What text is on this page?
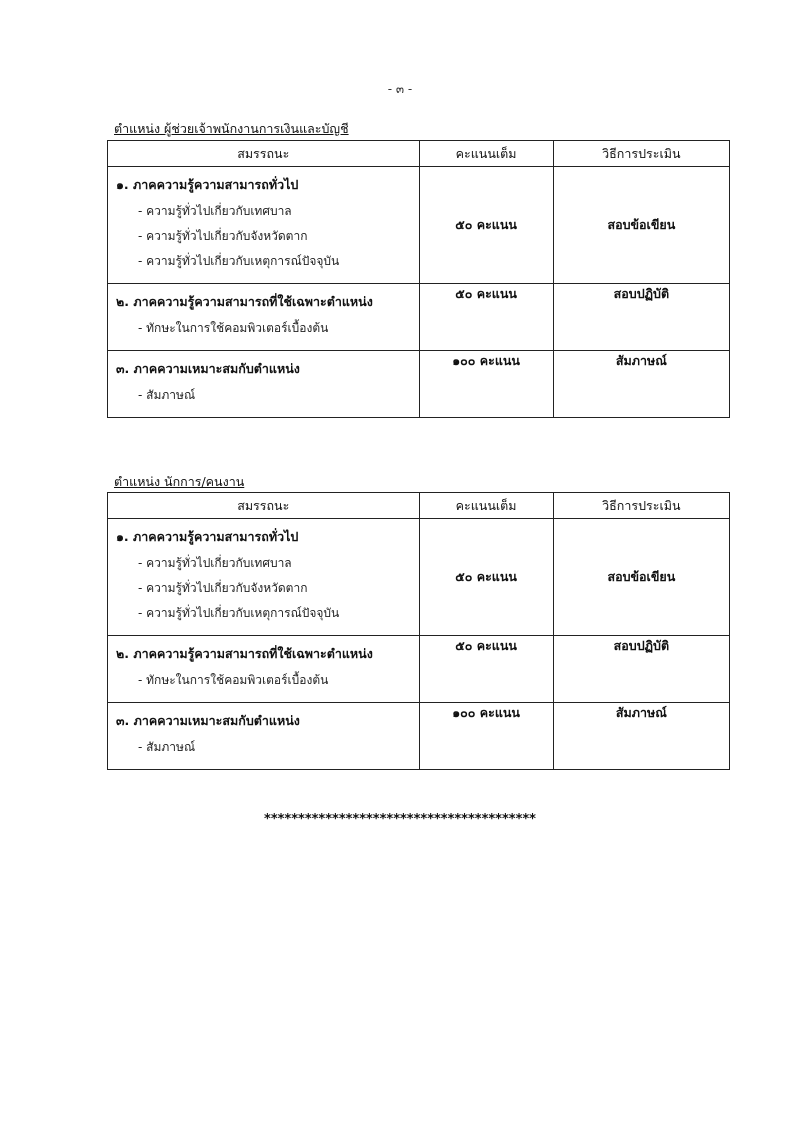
- ๓ -
ตำแหน่ง ผู้ช่วยเจ้าพนักงานการเงินและบัญชี
สมรรถนะ	คะแนนเต็ม	วิธีการประเมิน

๑. ภาคความรู้ความสามารถทั่วไป
- ความรู้ทั่วไปเกี่ยวกับเทศบาล
- ความรู้ทั่วไปเกี่ยวกับจังหวัดตาก
- ความรู้ทั่วไปเกี่ยวกับเหตุการณ์ปัจจุบัน	๕๐ คะแนน	สอบข้อเขียน

๒. ภาคความรู้ความสามารถที่ใช้เฉพาะตำแหน่ง
- ทักษะในการใช้คอมพิวเตอร์เบื้องต้น	๕๐ คะแนน	สอบปฏิบัติ

๓. ภาคความเหมาะสมกับตำแหน่ง
- สัมภาษณ์	๑๐๐ คะแนน	สัมภาษณ์
ตำแหน่ง นักการ/คนงาน
สมรรถนะ	คะแนนเต็ม	วิธีการประเมิน

๑. ภาคความรู้ความสามารถทั่วไป
- ความรู้ทั่วไปเกี่ยวกับเทศบาล
- ความรู้ทั่วไปเกี่ยวกับจังหวัดตาก
- ความรู้ทั่วไปเกี่ยวกับเหตุการณ์ปัจจุบัน	๕๐ คะแนน	สอบข้อเขียน

๒. ภาคความรู้ความสามารถที่ใช้เฉพาะตำแหน่ง
- ทักษะในการใช้คอมพิวเตอร์เบื้องต้น	๕๐ คะแนน	สอบปฏิบัติ

๓. ภาคความเหมาะสมกับตำแหน่ง
- สัมภาษณ์	๑๐๐ คะแนน	สัมภาษณ์
****************************************
